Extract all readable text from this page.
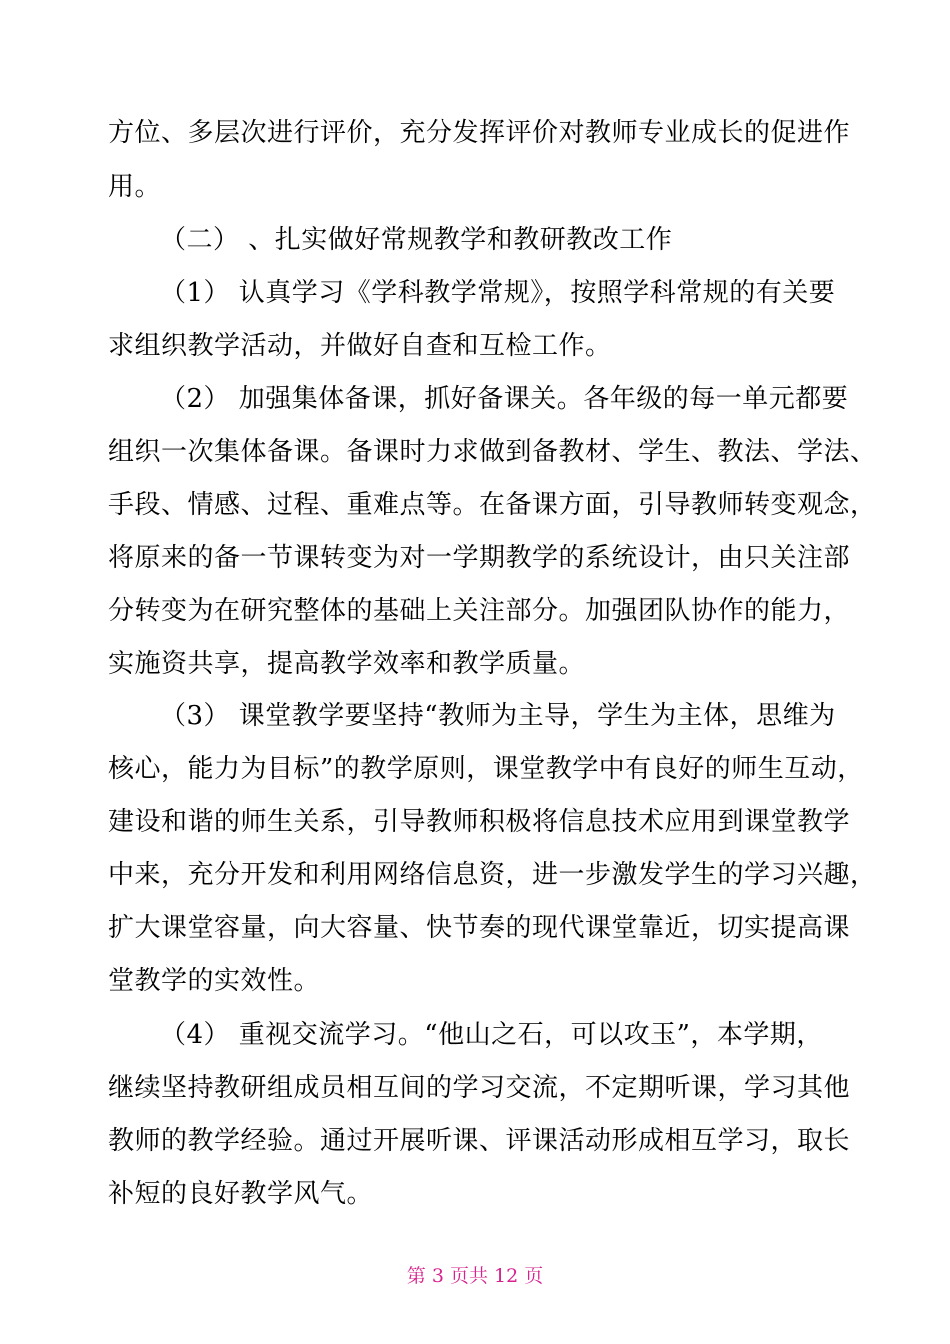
方位、多层次进行评价，充分发挥评价对教师专业成长的促进作
用。
（二） 、扎实做好常规教学和教研教改工作
（1） 认真学习《学科教学常规》，按照学科常规的有关要
求组织教学活动，并做好自查和互检工作。
（2） 加强集体备课，抓好备课关。各年级的每一单元都要
组织一次集体备课。备课时力求做到备教材、学生、教法、学法、
手段、情感、过程、重难点等。在备课方面，引导教师转变观念，
将原来的备一节课转变为对一学期教学的系统设计，由只关注部
分转变为在研究整体的基础上关注部分。加强团队协作的能力，
实施资共享，提高教学效率和教学质量。
（3） 课堂教学要坚持“教师为主导，学生为主体，思维为
核心，能力为目标”的教学原则，课堂教学中有良好的师生互动，
建设和谐的师生关系，引导教师积极将信息技术应用到课堂教学
中来，充分开发和利用网络信息资，进一步激发学生的学习兴趣，
扩大课堂容量，向大容量、快节奏的现代课堂靠近，切实提高课
堂教学的实效性。
（4） 重视交流学习。“他山之石，可以攻玉”，本学期，
继续坚持教研组成员相互间的学习交流，不定期听课，学习其他
教师的教学经验。通过开展听课、评课活动形成相互学习，取长
补短的良好教学风气。
第 3 页共 12 页
